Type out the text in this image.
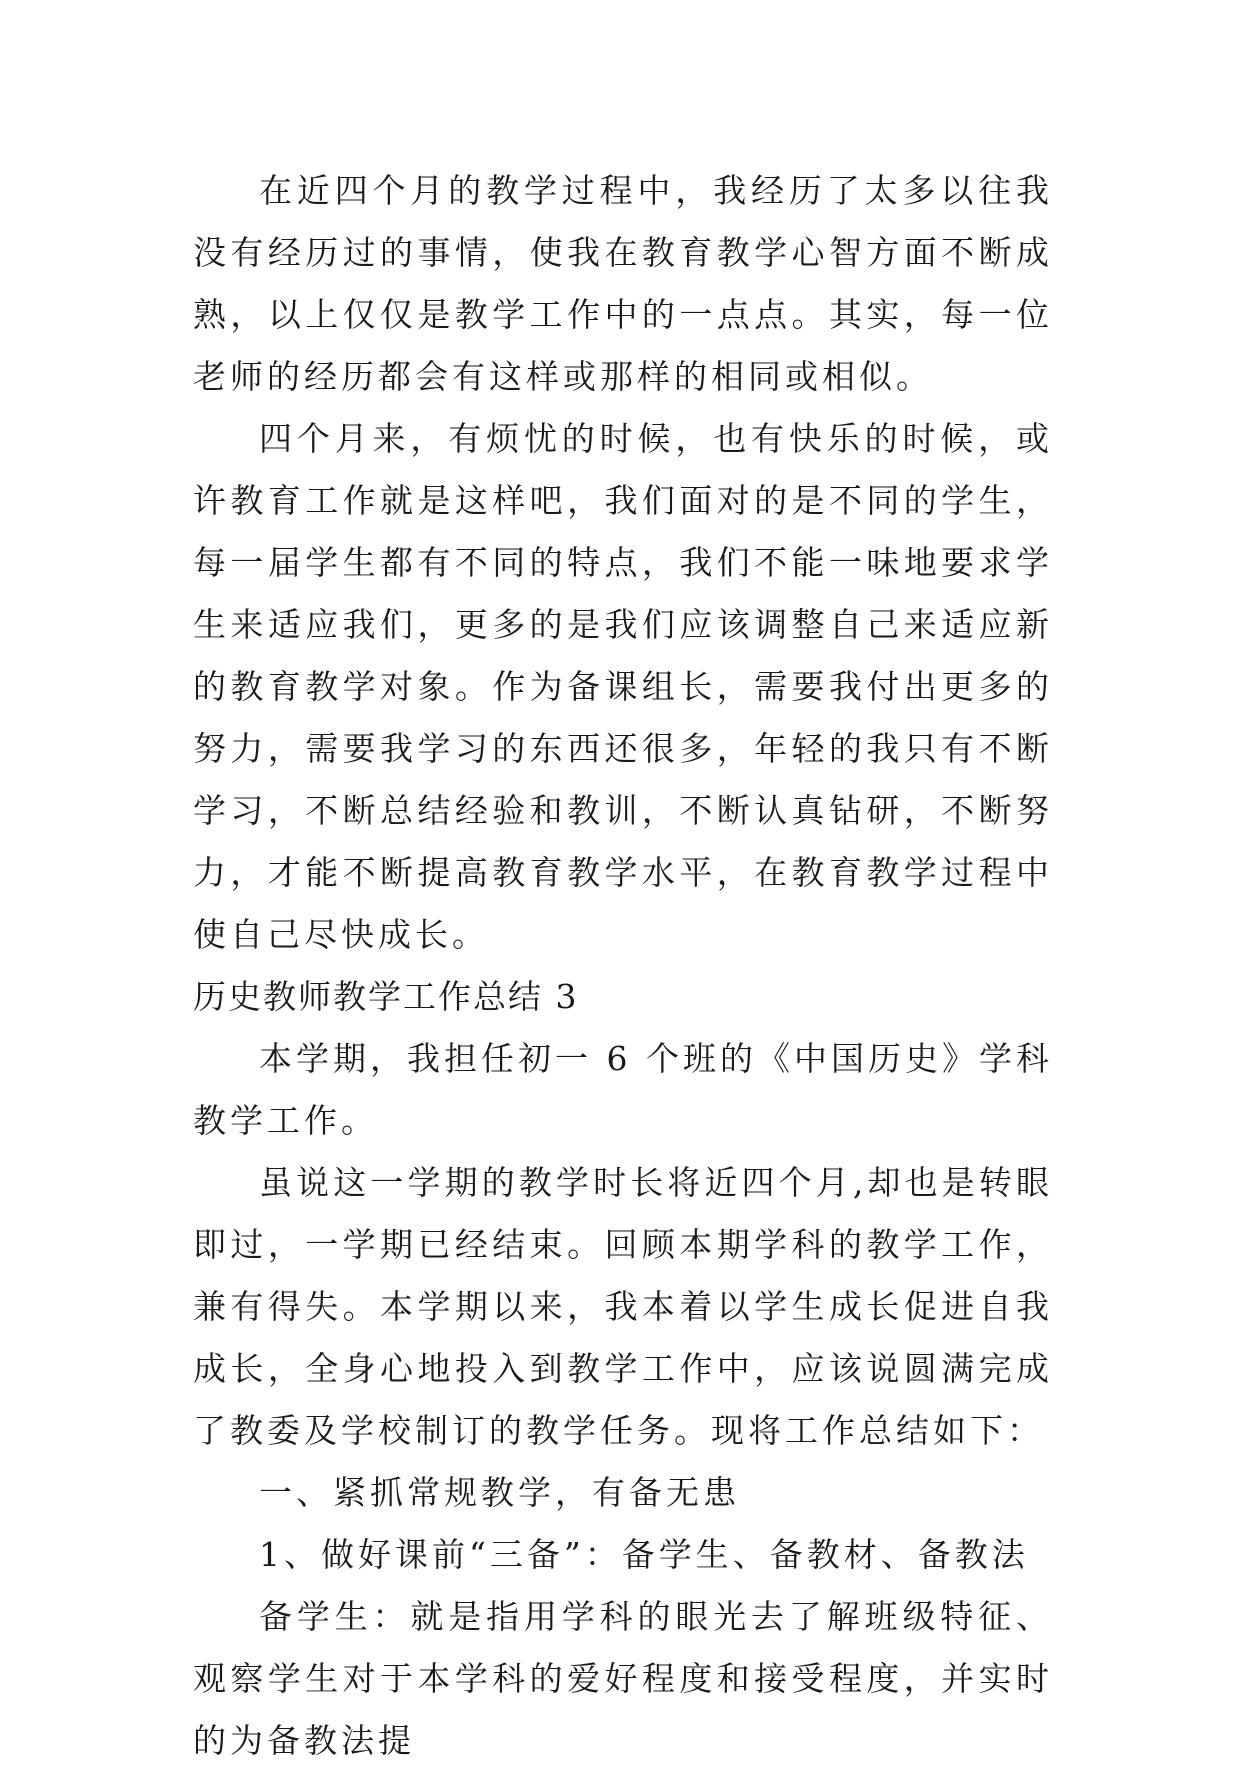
在近四个月的教学过程中，我经历了太多以往我没有经历过的事情，使我在教育教学心智方面不断成熟，以上仅仅是教学工作中的一点点。其实，每一位老师的经历都会有这样或那样的相同或相似。

四个月来，有烦忧的时候，也有快乐的时候，或许教育工作就是这样吧，我们面对的是不同的学生，每一届学生都有不同的特点，我们不能一味地要求学生来适应我们，更多的是我们应该调整自己来适应新的教育教学对象。作为备课组长，需要我付出更多的努力，需要我学习的东西还很多，年轻的我只有不断学习，不断总结经验和教训，不断认真钻研，不断努力，才能不断提高教育教学水平，在教育教学过程中使自己尽快成长。

历史教师教学工作总结 3

本学期，我担任初一 6 个班的《中国历史》学科教学工作。

虽说这一学期的教学时长将近四个月,却也是转眼即过，一学期已经结束。回顾本期学科的教学工作，兼有得失。本学期以来，我本着以学生成长促进自我成长，全身心地投入到教学工作中，应该说圆满完成了教委及学校制订的教学任务。现将工作总结如下：

一、紧抓常规教学，有备无患

1、做好课前“三备”：备学生、备教材、备教法

备学生：就是指用学科的眼光去了解班级特征、观察学生对于本学科的爱好程度和接受程度，并实时的为备教法提
